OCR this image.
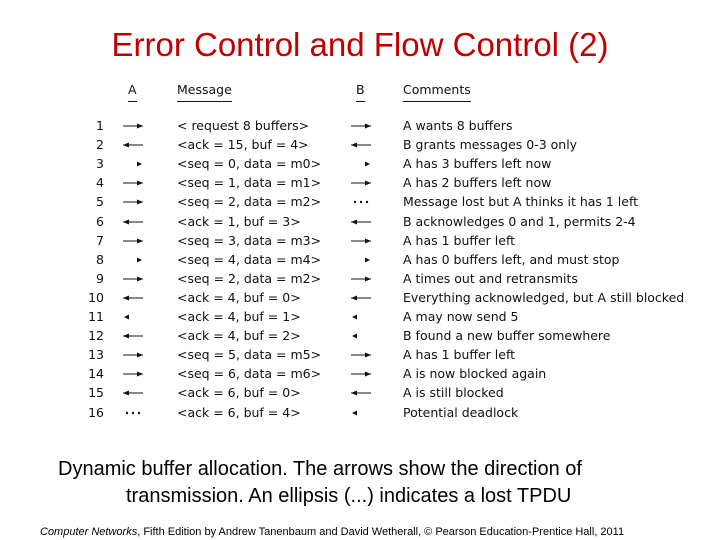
Error Control and Flow Control (2)
A	Message	B	Comments
1	< request 8 buffers>	A wants 8 buffers
2	<ack = 15, buf = 4>	B grants messages 0-3 only
3	<seq = 0, data = m0>	A has 3 buffers left now
4	<seq = 1, data = m1>	A has 2 buffers left now
5	<seq = 2, data = m2>	Message lost but A thinks it has 1 left
6	<ack = 1, buf = 3>	B acknowledges 0 and 1, permits 2-4
7	<seq = 3, data = m3>	A has 1 buffer left
8	<seq = 4, data = m4>	A has 0 buffers left, and must stop
9	<seq = 2, data = m2>	A times out and retransmits
10	<ack = 4, buf = 0>	Everything acknowledged, but A still blocked
11	<ack = 4, buf = 1>	A may now send 5
12	<ack = 4, buf = 2>	B found a new buffer somewhere
13	<seq = 5, data = m5>	A has 1 buffer left
14	<seq = 6, data = m6>	A is now blocked again
15	<ack = 6, buf = 0>	A is still blocked
16	<ack = 6, buf = 4>	Potential deadlock
Dynamic buffer allocation. The arrows show the direction of
transmission. An ellipsis (...) indicates a lost TPDU
Computer Networks, Fifth Edition by Andrew Tanenbaum and David Wetherall, © Pearson Education-Prentice Hall, 2011
